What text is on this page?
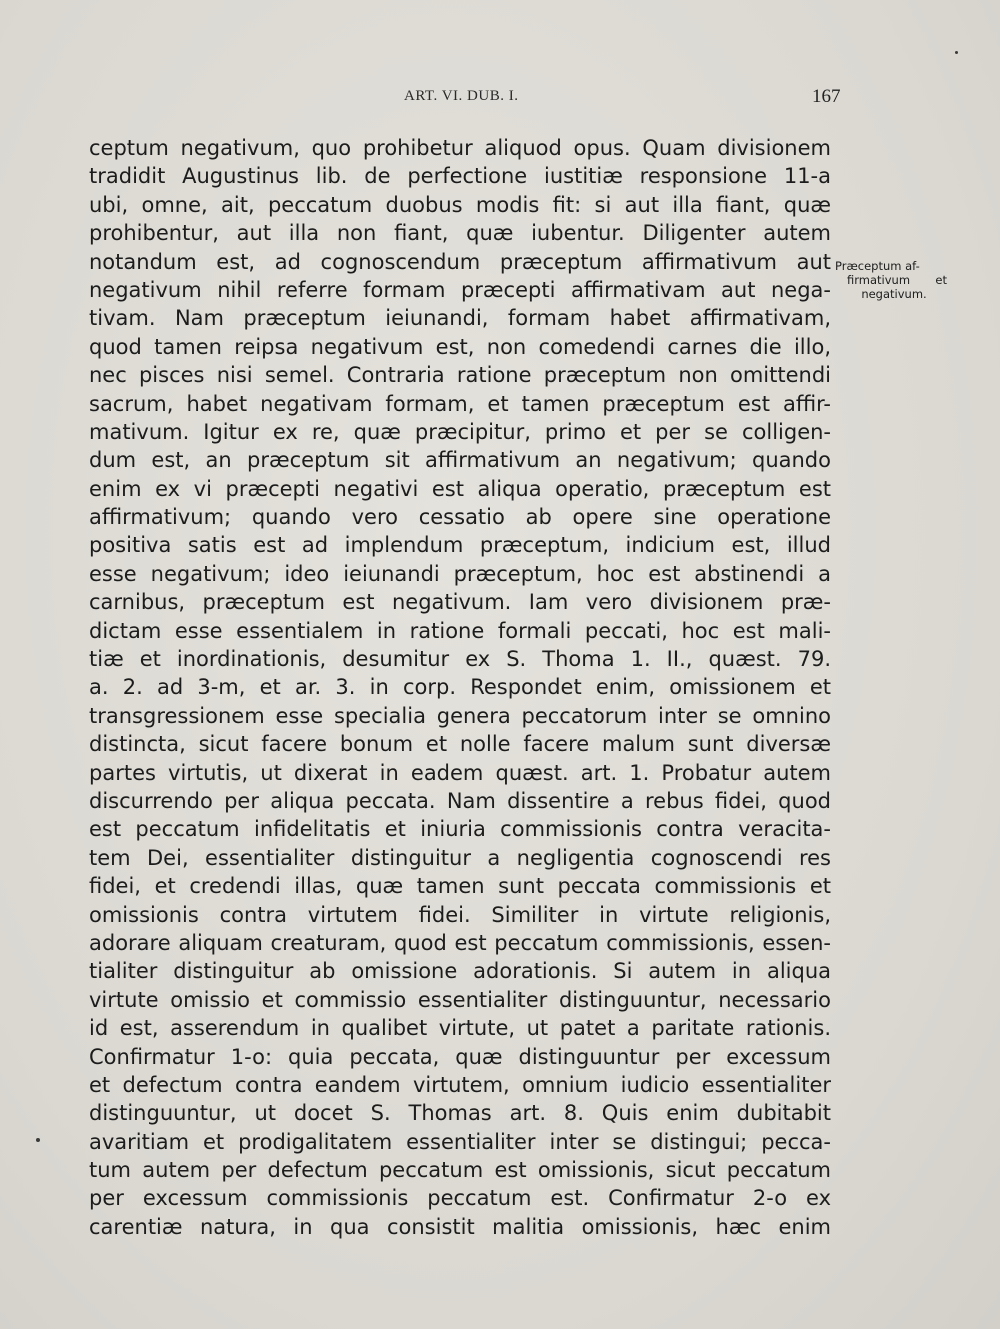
ART. VI. DUB. I.	167
ceptum negativum, quo prohibetur aliquod opus. Quam divisionem
tradidit Augustinus lib. de perfectione iustitiæ responsione 11-a
ubi, omne, ait, peccatum duobus modis fit: si aut illa fiant, quæ
prohibentur, aut illa non fiant, quæ iubentur. Diligenter autem
notandum est, ad cognoscendum præceptum affirmativum aut
negativum nihil referre formam præcepti affirmativam aut nega-
tivam. Nam præceptum ieiunandi, formam habet affirmativam,
quod tamen reipsa negativum est, non comedendi carnes die illo,
nec pisces nisi semel. Contraria ratione præceptum non omittendi
sacrum, habet negativam formam, et tamen præceptum est affir-
mativum. Igitur ex re, quæ præcipitur, primo et per se colligen-
dum est, an præceptum sit affirmativum an negativum; quando
enim ex vi præcepti negativi est aliqua operatio, præceptum est
affirmativum; quando vero cessatio ab opere sine operatione
positiva satis est ad implendum præceptum, indicium est, illud
esse negativum; ideo ieiunandi præceptum, hoc est abstinendi a
carnibus, præceptum est negativum. Iam vero divisionem præ-
dictam esse essentialem in ratione formali peccati, hoc est mali-
tiæ et inordinationis, desumitur ex S. Thoma 1. II., quæst. 79.
a. 2. ad 3-m, et ar. 3. in corp. Respondet enim, omissionem et
transgressionem esse specialia genera peccatorum inter se omnino
distincta, sicut facere bonum et nolle facere malum sunt diversæ
partes virtutis, ut dixerat in eadem quæst. art. 1. Probatur autem
discurrendo per aliqua peccata. Nam dissentire a rebus fidei, quod
est peccatum infidelitatis et iniuria commissionis contra veracita-
tem Dei, essentialiter distinguitur a negligentia cognoscendi res
fidei, et credendi illas, quæ tamen sunt peccata commissionis et
omissionis contra virtutem fidei. Similiter in virtute religionis,
adorare aliquam creaturam, quod est peccatum commissionis, essen-
tialiter distinguitur ab omissione adorationis. Si autem in aliqua
virtute omissio et commissio essentialiter distinguuntur, necessario
id est, asserendum in qualibet virtute, ut patet a paritate rationis.
Confirmatur 1-o: quia peccata, quæ distinguuntur per excessum
et defectum contra eandem virtutem, omnium iudicio essentialiter
distinguuntur, ut docet S. Thomas art. 8. Quis enim dubitabit
avaritiam et prodigalitatem essentialiter inter se distingui; pecca-
tum autem per defectum peccatum est omissionis, sicut peccatum
per excessum commissionis peccatum est. Confirmatur 2-o ex
carentiæ natura, in qua consistit malitia omissionis, hæc enim
Præceptum af-
firmativum et
negativum.
